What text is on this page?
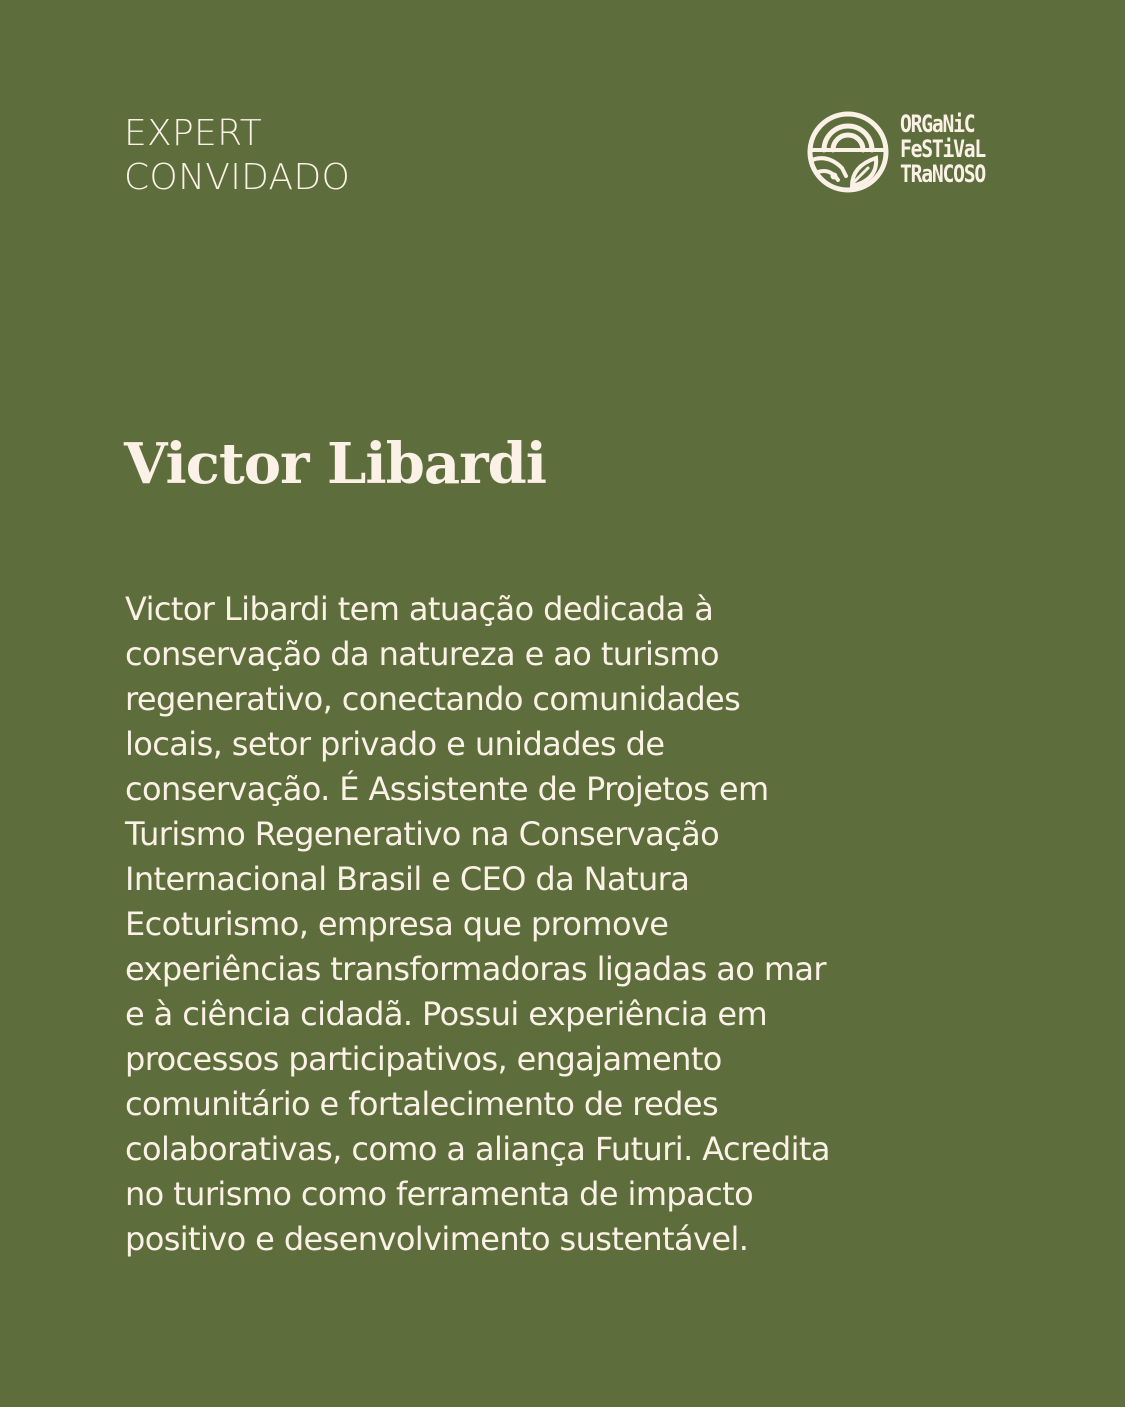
EXPERT
CONVIDADO
ORGaNiC
FeSTiVaL
TRaNCOSO
Victor Libardi
Victor Libardi tem atuação dedicada à
conservação da natureza e ao turismo
regenerativo, conectando comunidades
locais, setor privado e unidades de
conservação. É Assistente de Projetos em
Turismo Regenerativo na Conservação
Internacional Brasil e CEO da Natura
Ecoturismo, empresa que promove
experiências transformadoras ligadas ao mar
e à ciência cidadã. Possui experiência em
processos participativos, engajamento
comunitário e fortalecimento de redes
colaborativas, como a aliança Futuri. Acredita
no turismo como ferramenta de impacto
positivo e desenvolvimento sustentável.
